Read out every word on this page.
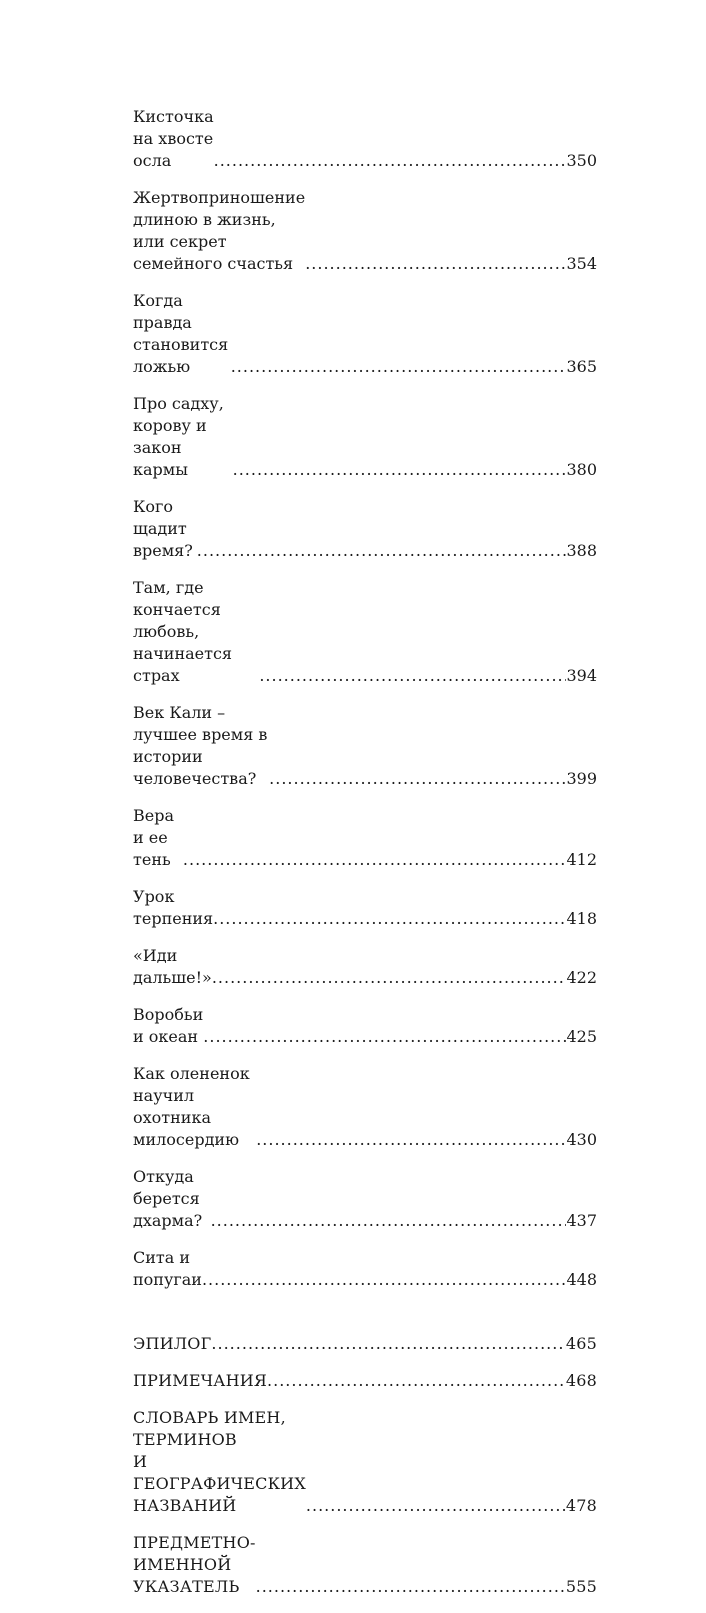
Кисточка на хвосте осла .....	350
Жертвоприношение длиною в жизнь,
или секрет семейного счастья .....	354
Когда правда становится ложью .....	365
Про садху, корову и закон кармы .....	380
Кого щадит время? .....	388
Там, где кончается любовь, начинается страх .....	394
Век Кали – лучшее время в истории человечества? .....	399
Вера и ее тень .....	412
Урок терпения .....	418
«Иди дальше!» .....	422
Воробьи и океан .....	425
Как олененок научил охотника милосердию .....	430
Откуда берется дхарма? .....	437
Сита и попугаи .....	448
ЭПИЛОГ .....	465
ПРИМЕЧАНИЯ .....	468
СЛОВАРЬ ИМЕН, ТЕРМИНОВ
И ГЕОГРАФИЧЕСКИХ НАЗВАНИЙ .....	478
ПРЕДМЕТНО-ИМЕННОЙ УКАЗАТЕЛЬ .....	555
